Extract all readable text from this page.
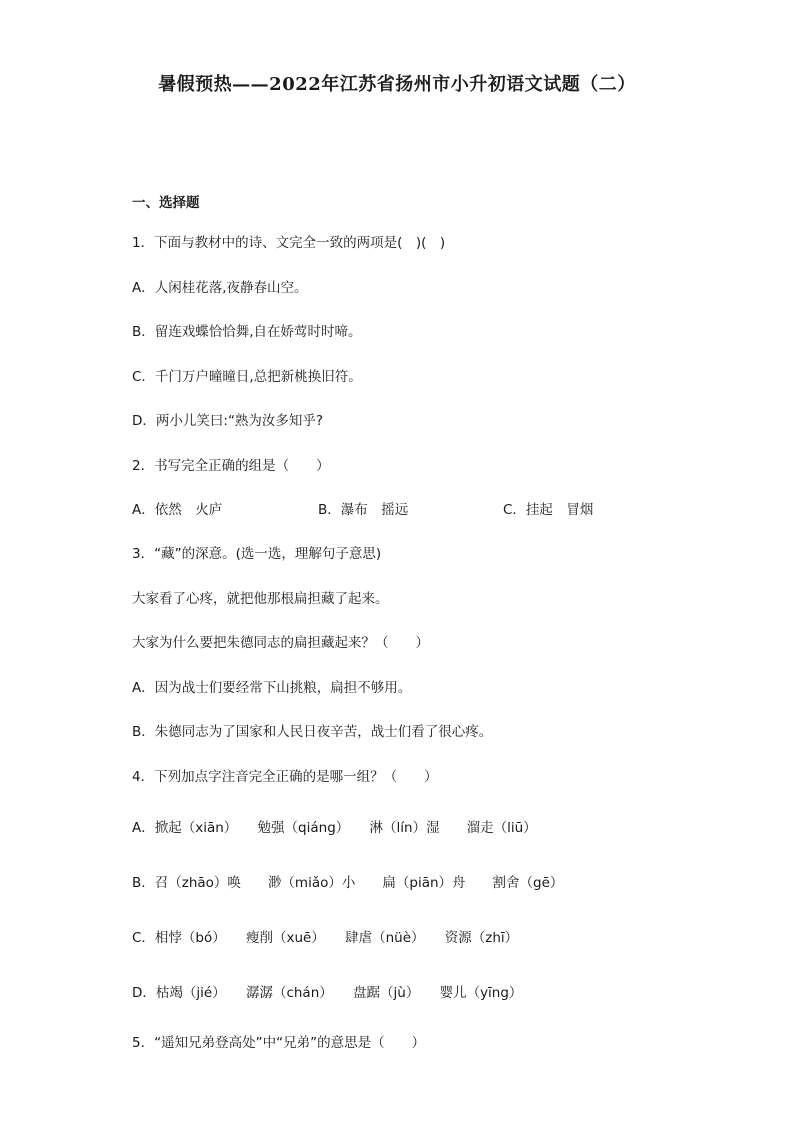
暑假预热——2022年江苏省扬州市小升初语文试题（二）
一、选择题
1．下面与教材中的诗、文完全一致的两项是(　)(　)
A．人闲桂花落,夜静春山空。
B．留连戏蝶恰恰舞,自在娇莺时时啼。
C．千门万户曈曈日,总把新桃换旧符。
D．两小儿笑曰:“熟为汝多知乎?
2．书写完全正确的组是（　　）
A．依然　火庐	B．瀑布　摇远	C．挂起　冒烟
3．“藏”的深意。(选一选，理解句子意思)
大家看了心疼，就把他那根扁担藏了起来。
大家为什么要把朱德同志的扁担藏起来？（　　）
A．因为战士们要经常下山挑粮，扁担不够用。
B．朱德同志为了国家和人民日夜辛苦，战士们看了很心疼。
4．下列加点字注音完全正确的是哪一组？（　　）
A．掀起（xiān）　　勉强（qiáng）　　淋（lín）湿　　溜走（liū）
B．召（zhāo）唤　　渺（miǎo）小　　扁（piān）舟　　割舍（gē）
C．相悖（bó）　　瘦削（xuē）　　肆虐（nüè）　　资源（zhī）
D．枯竭（jié）　　潺潺（chán）　　盘踞（jù）　　婴儿（yīng）
5．“遥知兄弟登高处”中“兄弟”的意思是（　　）
